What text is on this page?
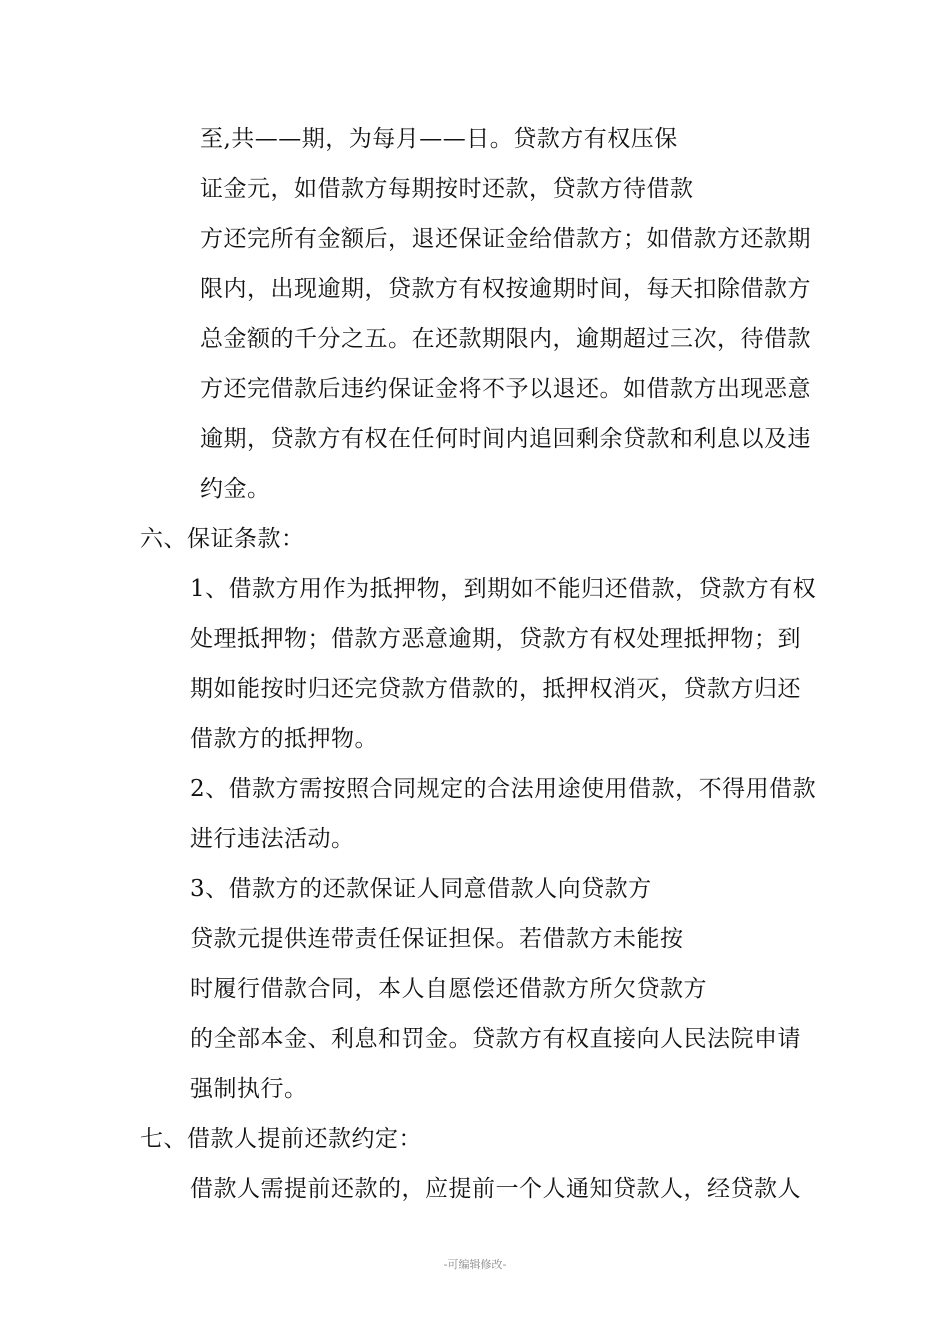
至,共——期，为每月——日。贷款方有权压保
证金元，如借款方每期按时还款，贷款方待借款
方还完所有金额后，退还保证金给借款方；如借款方还款期
限内，出现逾期，贷款方有权按逾期时间，每天扣除借款方
总金额的千分之五。在还款期限内，逾期超过三次，待借款
方还完借款后违约保证金将不予以退还。如借款方出现恶意
逾期，贷款方有权在任何时间内追回剩余贷款和利息以及违
约金。
六、保证条款：
1、借款方用作为抵押物，到期如不能归还借款，贷款方有权
处理抵押物；借款方恶意逾期，贷款方有权处理抵押物；到
期如能按时归还完贷款方借款的，抵押权消灭，贷款方归还
借款方的抵押物。
2、借款方需按照合同规定的合法用途使用借款，不得用借款
进行违法活动。
3、借款方的还款保证人同意借款人向贷款方
贷款元提供连带责任保证担保。若借款方未能按
时履行借款合同，本人自愿偿还借款方所欠贷款方
的全部本金、利息和罚金。贷款方有权直接向人民法院申请
强制执行。
七、借款人提前还款约定：
借款人需提前还款的，应提前一个人通知贷款人，经贷款人
-可编辑修改-
